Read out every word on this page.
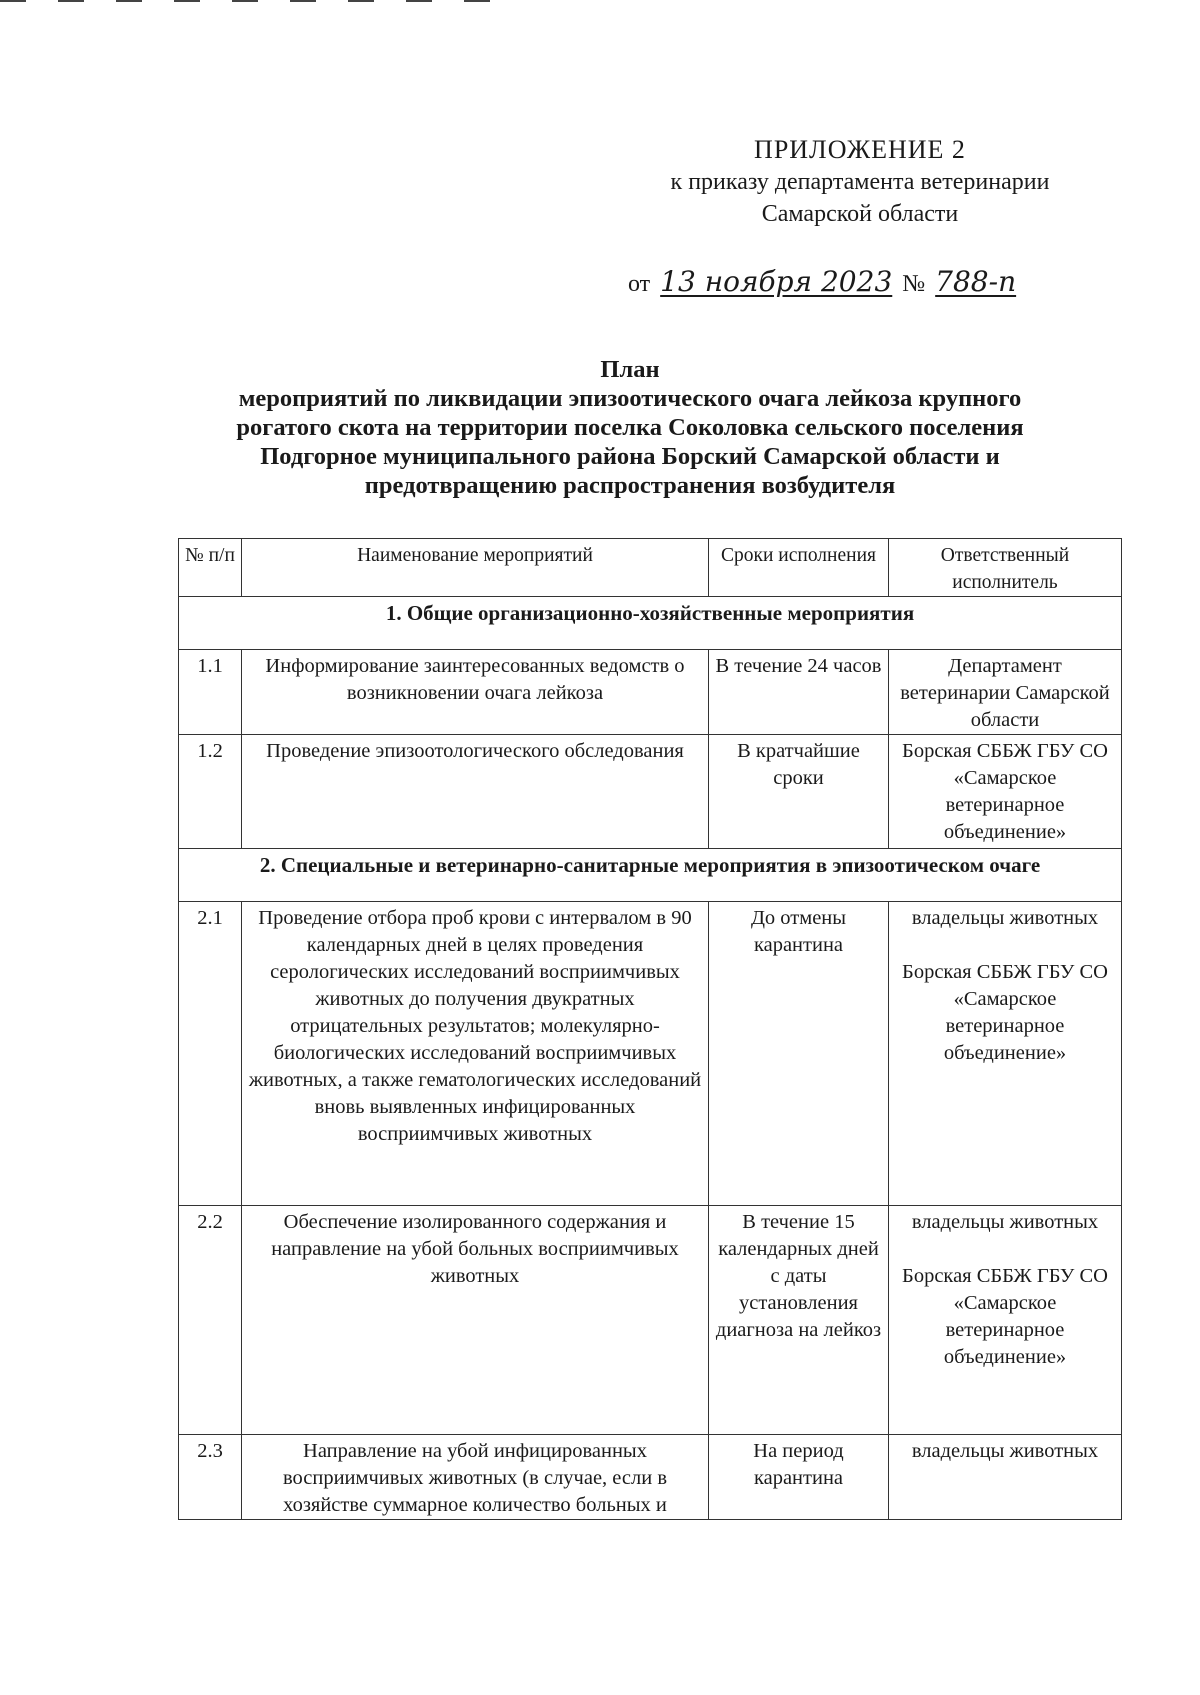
ПРИЛОЖЕНИЕ 2
к приказу департамента ветеринарии
Самарской области
от 13 ноября 2023 № 788-п
План
мероприятий по ликвидации эпизоотического очага лейкоза крупного
рогатого скота на территории поселка Соколовка сельского поселения
Подгорное муниципального района Борский Самарской области и
предотвращению распространения возбудителя
№ п/п	Наименование мероприятий	Сроки исполнения	Ответственный исполнитель
1. Общие организационно-хозяйственные мероприятия			
1.1	Информирование заинтересованных ведомств о возникновении очага лейкоза	В течение 24 часов	Департамент ветеринарии Самарской области
1.2	Проведение эпизоотологического обследования	В кратчайшие сроки	Борская СББЖ ГБУ СО «Самарское ветеринарное объединение»
2. Специальные и ветеринарно-санитарные мероприятия в эпизоотическом очаге			
2.1	Проведение отбора проб крови с интервалом в 90 календарных дней в целях проведения серологических исследований восприимчивых животных до получения двукратных отрицательных результатов; молекулярно-биологических исследований восприимчивых животных, а также гематологических исследований вновь выявленных инфицированных восприимчивых животных	До отмены карантина	владельцы животных
Борская СББЖ ГБУ СО «Самарское ветеринарное объединение»

2.2	Обеспечение изолированного содержания и направление на убой больных восприимчивых животных	В течение 15 календарных дней с даты установления диагноза на лейкоз	владельцы животных
Борская СББЖ ГБУ СО «Самарское ветеринарное объединение»

2.3	Направление на убой инфицированных восприимчивых животных (в случае, если в хозяйстве суммарное количество больных и	На период карантина	владельцы животных
